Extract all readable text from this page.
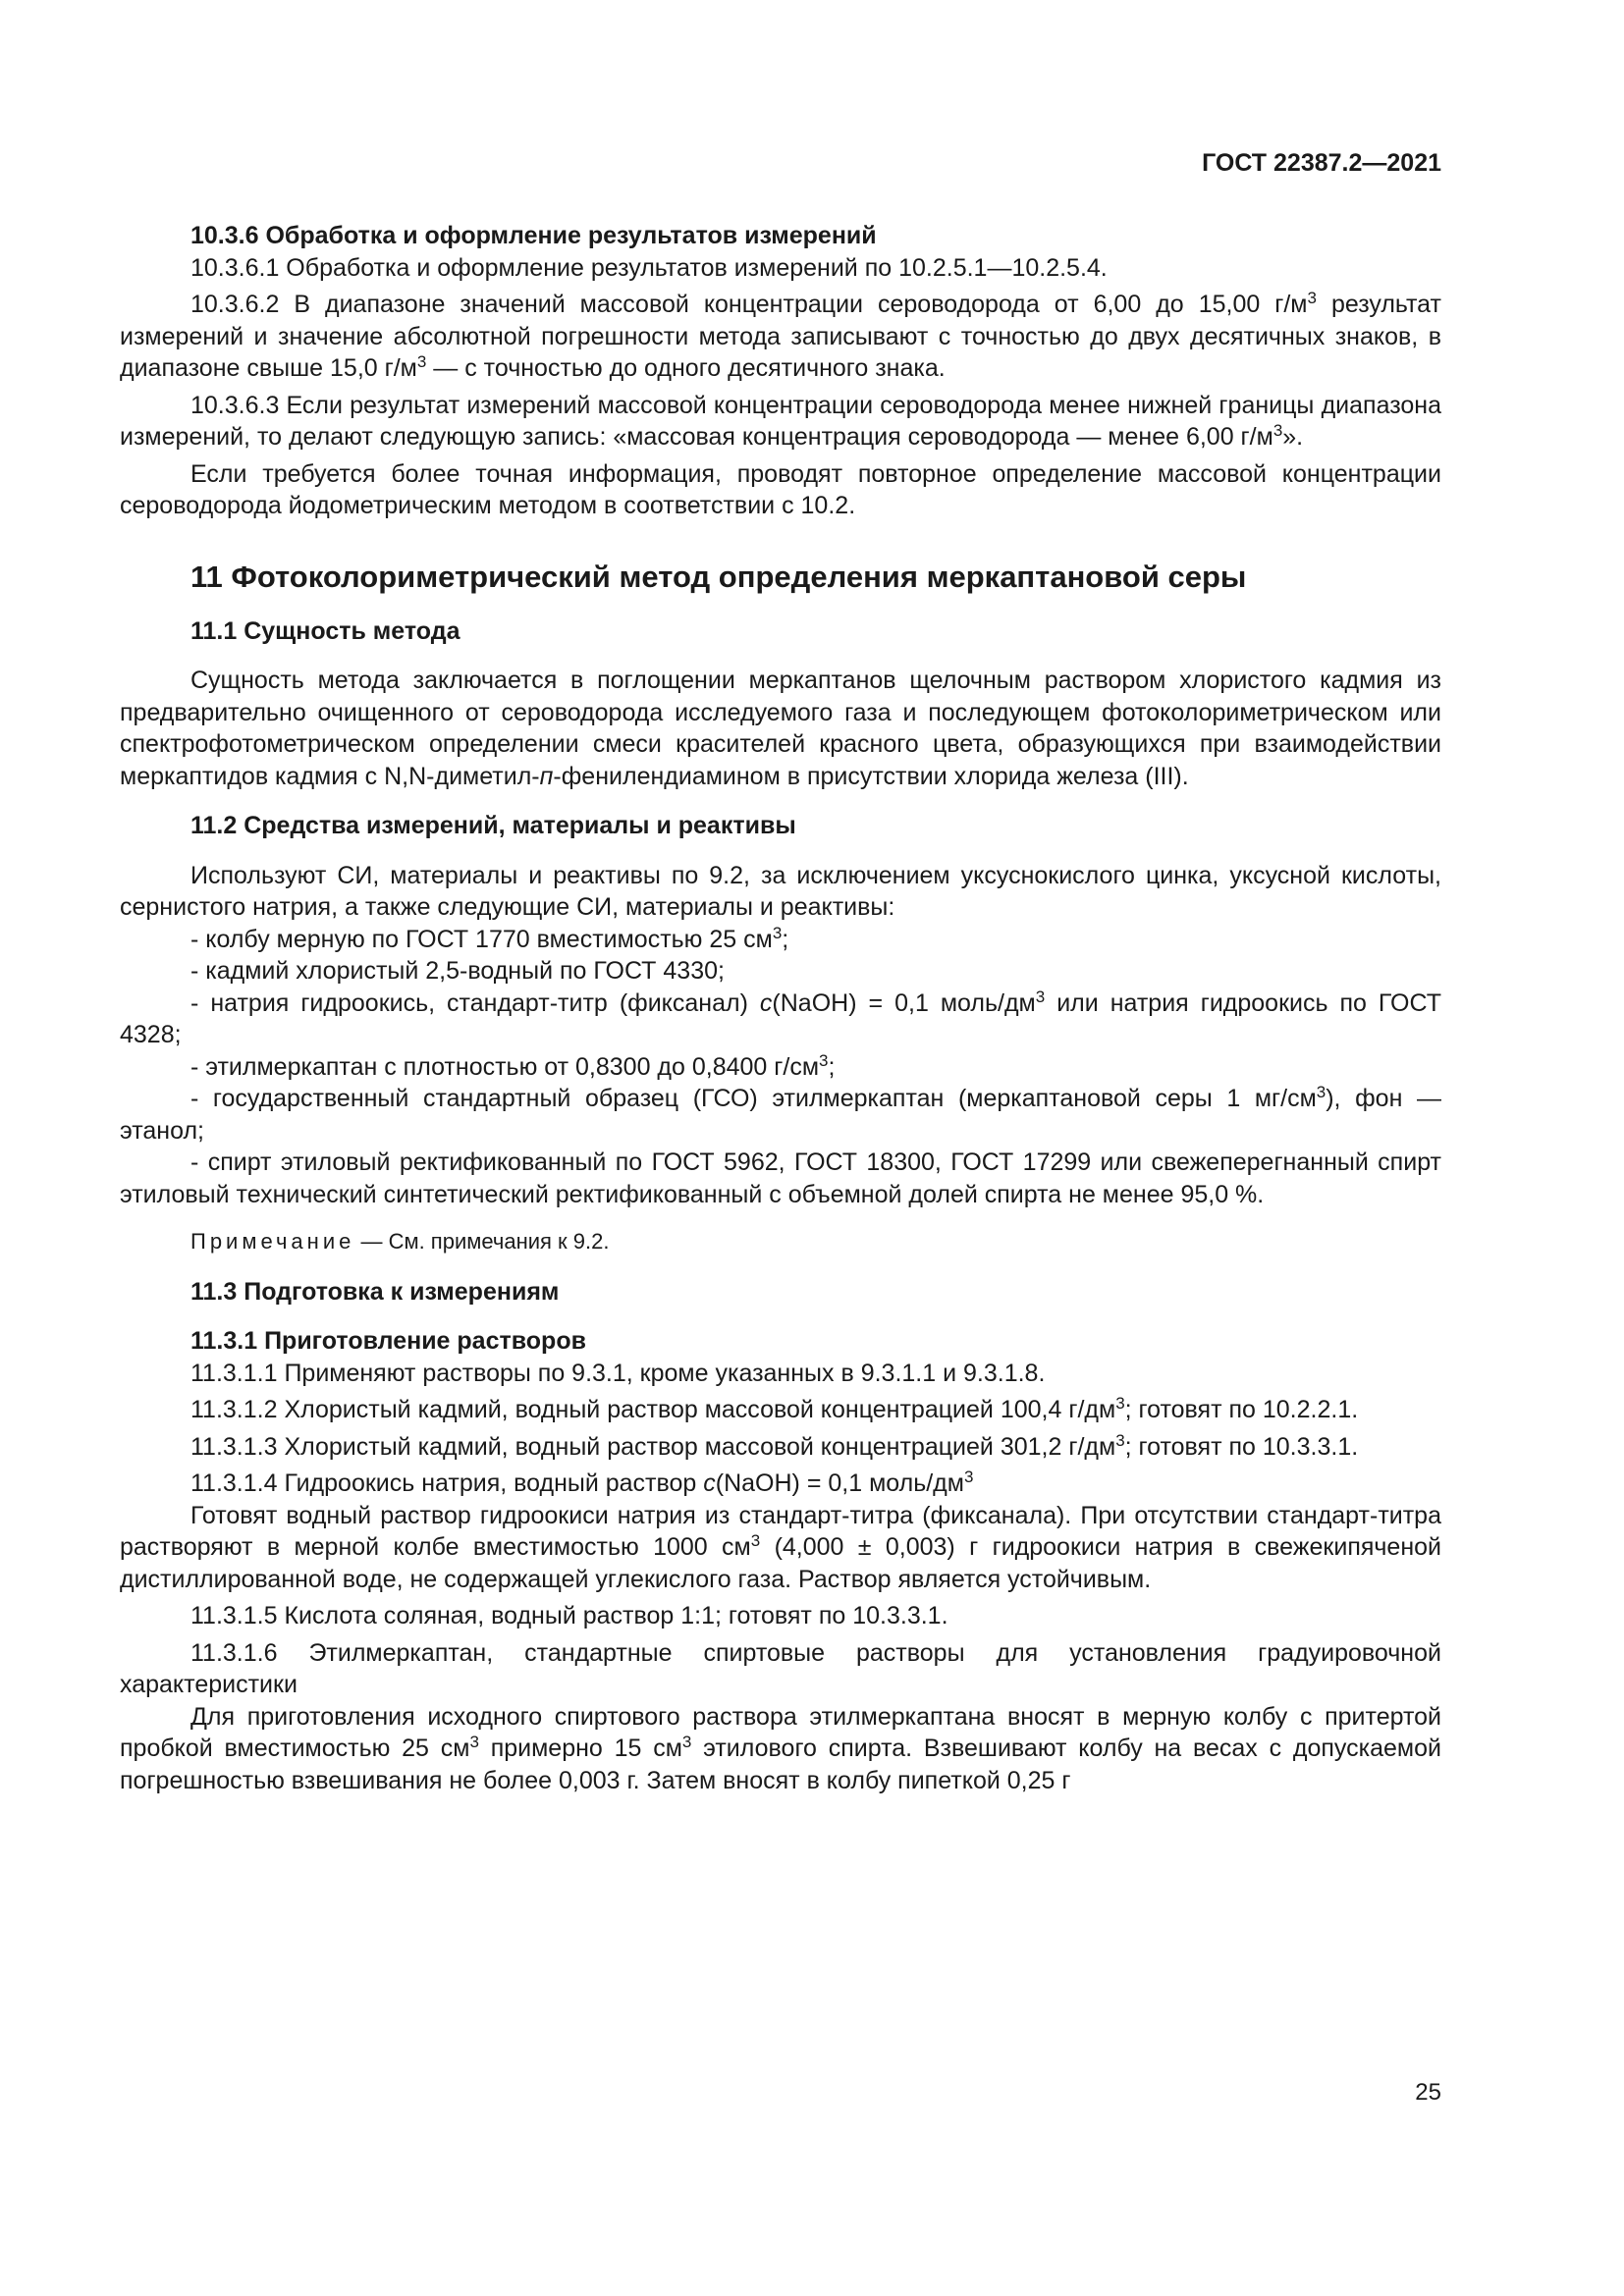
ГОСТ 22387.2—2021

10.3.6 Обработка и оформление результатов измерений

10.3.6.1 Обработка и оформление результатов измерений по 10.2.5.1—10.2.5.4.

10.3.6.2 В диапазоне значений массовой концентрации сероводорода от 6,00 до 15,00 $г/м^3$ результат измерений и значение абсолютной погрешности метода записывают с точностью до двух десятичных знаков, в диапазоне свыше 15,0 $г/м^3$ — с точностью до одного десятичного знака.

10.3.6.3 Если результат измерений массовой концентрации сероводорода менее нижней границы диапазона измерений, то делают следующую запись: «массовая концентрация сероводорода — менее 6,00 $г/м^3$».

Если требуется более точная информация, проводят повторное определение массовой концентрации сероводорода йодометрическим методом в соответствии с 10.2.

11 Фотоколориметрический метод определения меркаптановой серы

11.1 Сущность метода

Сущность метода заключается в поглощении меркаптанов щелочным раствором хлористого кадмия из предварительно очищенного от сероводорода исследуемого газа и последующем фотоколориметрическом или спектрофотометрическом определении смеси красителей красного цвета, образующихся при взаимодействии меркаптидов кадмия с N,N-диметил-п-фенилендиамином в присутствии хлорида железа (III).

11.2 Средства измерений, материалы и реактивы

Используют СИ, материалы и реактивы по 9.2, за исключением уксуснокислого цинка, уксусной кислоты, сернистого натрия, а также следующие СИ, материалы и реактивы:

- колбу мерную по ГОСТ 1770 вместимостью 25 $см^3$;

- кадмий хлористый 2,5-водный по ГОСТ 4330;

- натрия гидроокись, стандарт-титр (фиксанал) c(NaOH) = 0,1 моль/$дм^3$ или натрия гидроокись по ГОСТ 4328;

- этилмеркаптан с плотностью от 0,8300 до 0,8400 $г/см^3$;

- государственный стандартный образец (ГСО) этилмеркаптан (меркаптановой серы 1 $мг/см^3$), фон — этанол;

- спирт этиловый ректификованный по ГОСТ 5962, ГОСТ 18300, ГОСТ 17299 или свежеперегнанный спирт этиловый технический синтетический ректификованный с объемной долей спирта не менее 95,0 %.

Примечание — См. примечания к 9.2.

11.3 Подготовка к измерениям

11.3.1 Приготовление растворов

11.3.1.1 Применяют растворы по 9.3.1, кроме указанных в 9.3.1.1 и 9.3.1.8.

11.3.1.2 Хлористый кадмий, водный раствор массовой концентрацией 100,4 $г/дм^3$; готовят по 10.2.2.1.

11.3.1.3 Хлористый кадмий, водный раствор массовой концентрацией 301,2 $г/дм^3$; готовят по 10.3.3.1.

11.3.1.4 Гидроокись натрия, водный раствор c(NaOH) = 0,1 моль/$дм^3$

Готовят водный раствор гидроокиси натрия из стандарт-титра (фиксанала). При отсутствии стандарт-титра растворяют в мерной колбе вместимостью 1000 $см^3$ (4,000 ± 0,003) г гидроокиси натрия в свежекипяченой дистиллированной воде, не содержащей углекислого газа. Раствор является устойчивым.

11.3.1.5 Кислота соляная, водный раствор 1:1; готовят по 10.3.3.1.

11.3.1.6 Этилмеркаптан, стандартные спиртовые растворы для установления градуировочной характеристики

Для приготовления исходного спиртового раствора этилмеркаптана вносят в мерную колбу с притертой пробкой вместимостью 25 $см^3$ примерно 15 $см^3$ этилового спирта. Взвешивают колбу на весах с допускаемой погрешностью взвешивания не более 0,003 г. Затем вносят в колбу пипеткой 0,25 г

25
